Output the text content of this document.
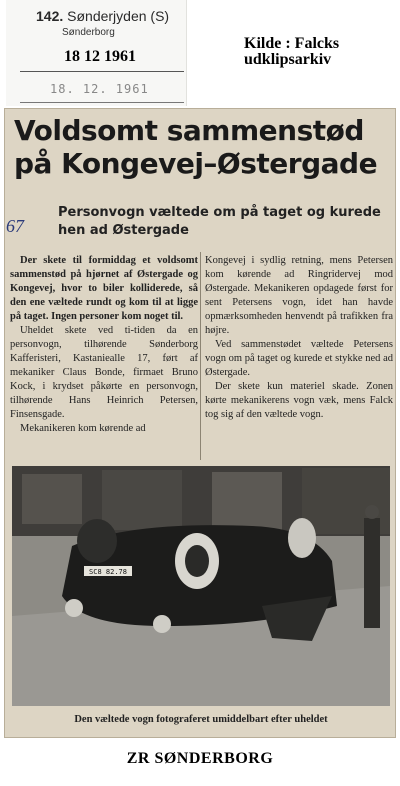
142. Sønderjyden (S)
Sønderborg
18 12 1961
18. 12. 1961
Kilde : Falcks
udklipsarkiv
Voldsomt sammenstød på Kongevej–Østergade
67
Personvogn væltede om på taget og kurede hen ad Østergade

Der skete til formiddag et voldsomt sammenstød på hjørnet af Østergade og Kongevej, hvor to biler kolliderede, så den ene væltede rundt og kom til at ligge på taget. Ingen personer kom noget til.

Uheldet skete ved ti-tiden da en personvogn, tilhørende Sønderborg Kafferisteri, Kastaniealle 17, ført af mekaniker Claus Bonde, firmaet Bruno Kock, i krydset påkørte en personvogn, tilhørende Hans Heinrich Petersen, Finsensgade.

Mekanikeren kom kørende ad

Kongevej i sydlig retning, mens Petersen kom kørende ad Ringridervej mod Østergade. Mekanikeren opdagede først for sent Petersens vogn, idet han havde opmærksomheden henvendt på trafikken fra højre.

Ved sammenstødet væltede Petersens vogn om på taget og kurede et stykke ned ad Østergade.

Der skete kun materiel skade. Zonen kørte mekanikerens vogn væk, mens Falck tog sig af den væltede vogn.

SC8 82.78
Den væltede vogn fotograferet umiddelbart efter uheldet
ZR SØNDERBORG
